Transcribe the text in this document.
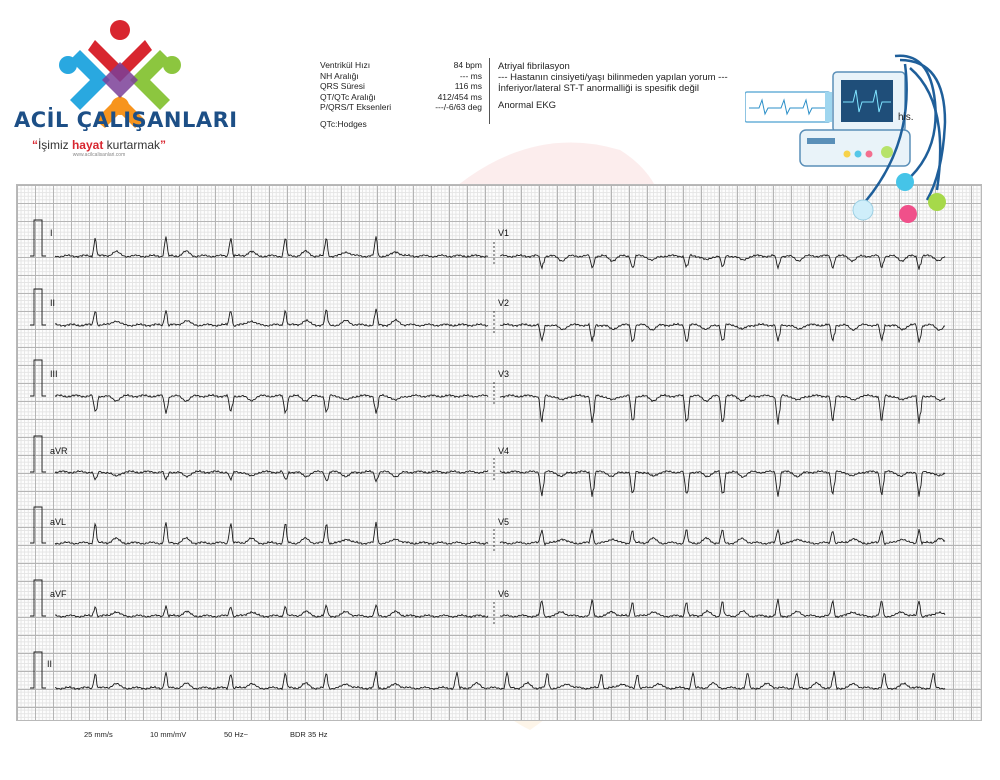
ACİL ÇALIŞANLARI
“İşimiz hayat kurtarmak”
www.acilcalisanlari.com
Ventrikül Hızı	84 bpm
NH Aralığı	--- ms
QRS Süresi	116 ms
QT/QTc Aralığı	412/454 ms
P/QRS/T Eksenleri	---/-6/63 deg
QTc:Hodges
Atriyal fibrilasyon
--- Hastanın cinsiyeti/yaşı bilinmeden yapılan yorum ---
İnferiyor/lateral ST-T anormalliği is spesifik değil
Anormal EKG
I
II
III
aVR
aVL
aVF
II
V1
V2
V3
V4
V5
V6
his.
25 mm/s	10 mm/mV	50 Hz~	BDR 35 Hz
